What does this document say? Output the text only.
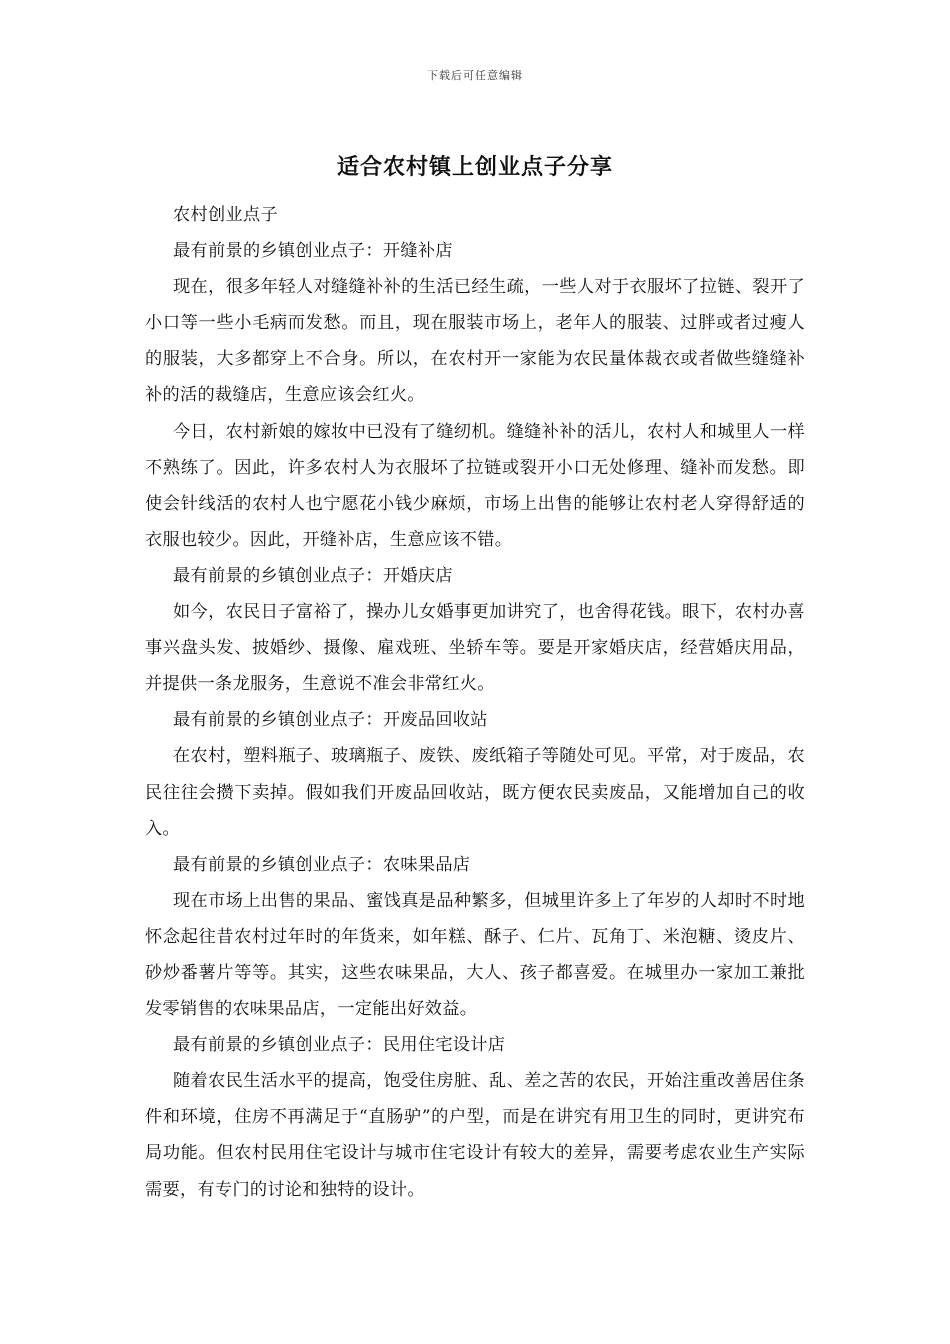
下载后可任意编辑
适合农村镇上创业点子分享

农村创业点子

最有前景的乡镇创业点子：开缝补店

现在，很多年轻人对缝缝补补的生活已经生疏，一些人对于衣服坏了拉链、裂开了小口等一些小毛病而发愁。而且，现在服装市场上，老年人的服装、过胖或者过瘦人的服装，大多都穿上不合身。所以，在农村开一家能为农民量体裁衣或者做些缝缝补补的活的裁缝店，生意应该会红火。

今日，农村新娘的嫁妆中已没有了缝纫机。缝缝补补的活儿，农村人和城里人一样不熟练了。因此，许多农村人为衣服坏了拉链或裂开小口无处修理、缝补而发愁。即使会针线活的农村人也宁愿花小钱少麻烦，市场上出售的能够让农村老人穿得舒适的衣服也较少。因此，开缝补店，生意应该不错。

最有前景的乡镇创业点子：开婚庆店

如今，农民日子富裕了，操办儿女婚事更加讲究了，也舍得花钱。眼下，农村办喜事兴盘头发、披婚纱、摄像、雇戏班、坐轿车等。要是开家婚庆店，经营婚庆用品，并提供一条龙服务，生意说不准会非常红火。

最有前景的乡镇创业点子：开废品回收站

在农村，塑料瓶子、玻璃瓶子、废铁、废纸箱子等随处可见。平常，对于废品，农民往往会攒下卖掉。假如我们开废品回收站，既方便农民卖废品，又能增加自己的收入。

最有前景的乡镇创业点子：农味果品店

现在市场上出售的果品、蜜饯真是品种繁多，但城里许多上了年岁的人却时不时地怀念起往昔农村过年时的年货来，如年糕、酥子、仁片、瓦角丁、米泡糖、烫皮片、砂炒番薯片等等。其实，这些农味果品，大人、孩子都喜爱。在城里办一家加工兼批发零销售的农味果品店，一定能出好效益。

最有前景的乡镇创业点子：民用住宅设计店

随着农民生活水平的提高，饱受住房脏、乱、差之苦的农民，开始注重改善居住条件和环境，住房不再满足于“直肠驴”的户型，而是在讲究有用卫生的同时，更讲究布局功能。但农村民用住宅设计与城市住宅设计有较大的差异，需要考虑农业生产实际需要，有专门的讨论和独特的设计。
